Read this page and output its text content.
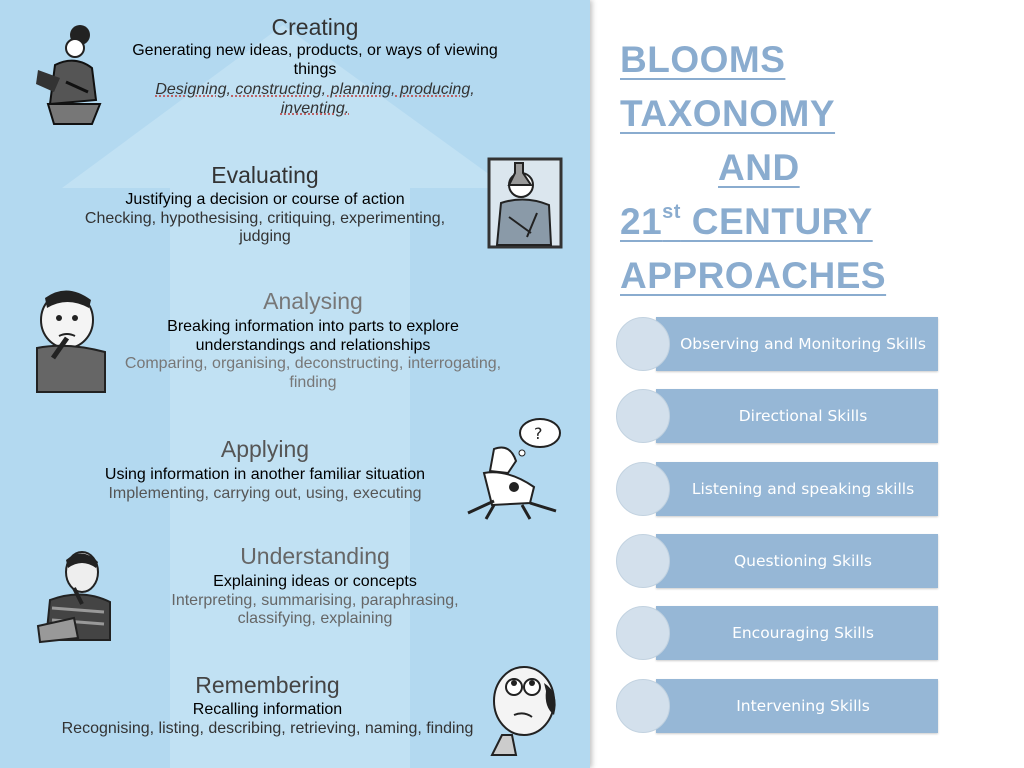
Creating
Generating new ideas, products, or ways of viewing things
Designing, constructing, planning, producing, inventing.
Evaluating
Justifying a decision or course of action
Checking, hypothesising, critiquing, experimenting, judging
Analysing
Breaking information into parts to explore understandings and relationships
Comparing, organising, deconstructing, interrogating, finding
Applying
Using information in another familiar situation
Implementing, carrying out, using, executing
Understanding
Explaining ideas or concepts
Interpreting, summarising, paraphrasing, classifying, explaining
Remembering
Recalling information
Recognising, listing, describing, retrieving, naming, finding
?
BLOOMS
TAXONOMY
AND
21st CENTURY
APPROACHES
Observing and Monitoring Skills
Directional Skills
Listening and speaking skills
Questioning Skills
Encouraging Skills
Intervening Skills
